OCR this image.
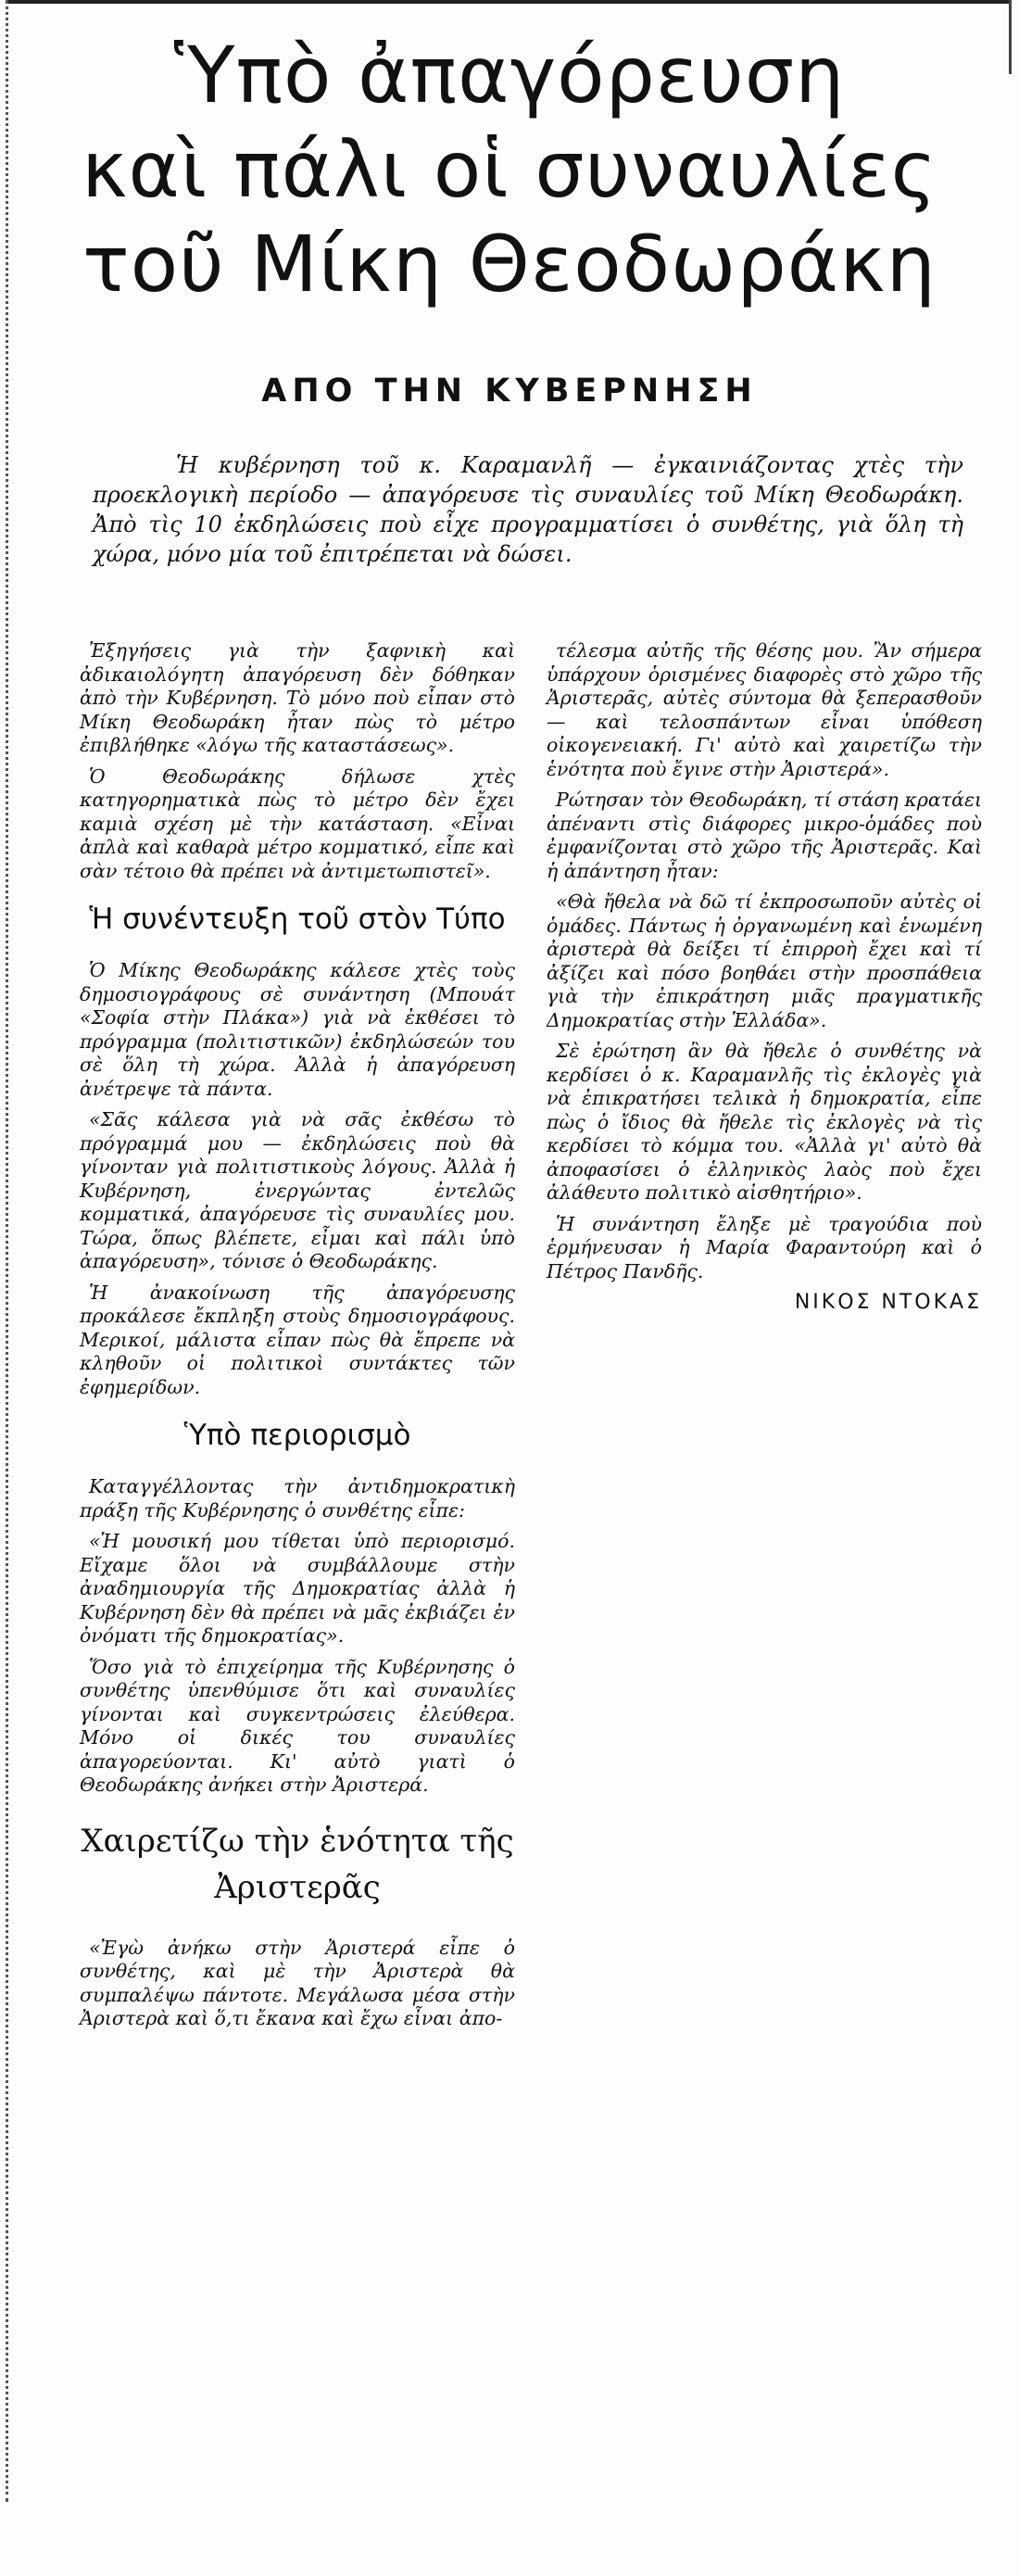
Ὑπὸ ἀπαγόρευση
καὶ πάλι οἱ συναυλίες
τοῦ Μίκη Θεοδωράκη
ΑΠΟ ΤΗΝ ΚΥΒΕΡΝΗΣΗ

Ἡ κυβέρνηση τοῦ κ. Καραμανλῆ — ἐγκαινιάζοντας χτὲς τὴν προεκλογικὴ περίοδο — ἀπαγόρευσε τὶς συναυλίες τοῦ Μίκη Θεοδωράκη. Ἀπὸ τὶς 10 ἐκδηλώσεις ποὺ εἶχε προγραμματίσει ὁ συνθέτης, γιὰ ὅλη τὴ χώρα, μόνο μία τοῦ ἐπιτρέπεται νὰ δώσει.

Ἐξηγήσεις γιὰ τὴν ξαφνικὴ καὶ ἀδικαιολόγητη ἀπαγόρευση δὲν δόθηκαν ἀπὸ τὴν Κυβέρνηση. Τὸ μόνο ποὺ εἶπαν στὸ Μίκη Θεοδωράκη ἦταν πὼς τὸ μέτρο ἐπιβλήθηκε «λόγω τῆς καταστάσεως».

Ὁ Θεοδωράκης δήλωσε χτὲς κατηγορηματικὰ πὼς τὸ μέτρο δὲν ἔχει καμιὰ σχέση μὲ τὴν κατάσταση. «Εἶναι ἁπλὰ καὶ καθαρὰ μέτρο κομματικό, εἶπε καὶ σὰν τέτοιο θὰ πρέπει νὰ ἀντιμετωπιστεῖ».

Ἡ συνέντευξη τοῦ στὸν Τύπο

Ὁ Μίκης Θεοδωράκης κάλεσε χτὲς τοὺς δημοσιογράφους σὲ συνάντηση (Μπουάτ «Σοφία στὴν Πλάκα») γιὰ νὰ ἐκθέσει τὸ πρόγραμμα (πολιτιστικῶν) ἐκδηλώσεών του σὲ ὅλη τὴ χώρα. Ἀλλὰ ἡ ἀπαγόρευση ἀνέτρεψε τὰ πάντα.

«Σᾶς κάλεσα γιὰ νὰ σᾶς ἐκθέσω τὸ πρόγραμμά μου — ἐκδηλώσεις ποὺ θὰ γίνονταν γιὰ πολιτιστικοὺς λόγους. Ἀλλὰ ἡ Κυβέρνηση, ἐνεργώντας ἐντελῶς κομματικά, ἀπαγόρευσε τὶς συναυλίες μου. Τώρα, ὅπως βλέπετε, εἶμαι καὶ πάλι ὑπὸ ἀπαγόρευση», τόνισε ὁ Θεοδωράκης.

Ἡ ἀνακοίνωση τῆς ἀπαγόρευσης προκάλεσε ἔκπληξη στοὺς δημοσιογράφους. Μερικοί, μάλιστα εἶπαν πὼς θὰ ἔπρεπε νὰ κληθοῦν οἱ πολιτικοὶ συντάκτες τῶν ἐφημερίδων.

Ὑπὸ περιορισμὸ

Καταγγέλλοντας τὴν ἀντιδημοκρατικὴ πράξη τῆς Κυβέρνησης ὁ συνθέτης εἶπε:

«Ἡ μουσική μου τίθεται ὑπὸ περιορισμό. Εἴχαμε ὅλοι νὰ συμβάλλουμε στὴν ἀναδημιουργία τῆς Δημοκρατίας ἀλλὰ ἡ Κυβέρνηση δὲν θὰ πρέπει νὰ μᾶς ἐκβιάζει ἐν ὀνόματι τῆς δημοκρατίας».

Ὅσο γιὰ τὸ ἐπιχείρημα τῆς Κυβέρνησης ὁ συνθέτης ὑπενθύμισε ὅτι καὶ συναυλίες γίνονται καὶ συγκεντρώσεις ἐλεύθερα. Μόνο οἱ δικές του συναυλίες ἀπαγορεύονται. Κι' αὐτὸ γιατὶ ὁ Θεοδωράκης ἀνήκει στὴν Ἀριστερά.

Χαιρετίζω τὴν ἑνότητα τῆς Ἀριστερᾶς

«Ἐγὼ ἀνήκω στὴν Ἀριστερά εἶπε ὁ συνθέτης, καὶ μὲ τὴν Ἀριστερὰ θὰ συμπαλέψω πάντοτε. Μεγάλωσα μέσα στὴν Ἀριστερὰ καὶ ὅ,τι ἔκανα καὶ ἔχω εἶναι ἀπο-

τέλεσμα αὐτῆς τῆς θέσης μου. Ἂν σήμερα ὑπάρχουν ὁρισμένες διαφορὲς στὸ χῶρο τῆς Ἀριστερᾶς, αὐτὲς σύντομα θὰ ξεπερασθοῦν — καὶ τελοσπάντων εἶναι ὑπόθεση οἰκογενειακή. Γι' αὐτὸ καὶ χαιρετίζω τὴν ἑνότητα ποὺ ἔγινε στὴν Ἀριστερά».

Ρώτησαν τὸν Θεοδωράκη, τί στάση κρατάει ἀπέναντι στὶς διάφορες μικρο-ὁμάδες ποὺ ἐμφανίζονται στὸ χῶρο τῆς Ἀριστερᾶς. Καὶ ἡ ἀπάντηση ἦταν:

«Θὰ ἤθελα νὰ δῶ τί ἐκπροσωποῦν αὐτὲς οἱ ὁμάδες. Πάντως ἡ ὀργανωμένη καὶ ἑνωμένη ἀριστερὰ θὰ δείξει τί ἐπιρροὴ ἔχει καὶ τί ἀξίζει καὶ πόσο βοηθάει στὴν προσπάθεια γιὰ τὴν ἐπικράτηση μιᾶς πραγματικῆς Δημοκρατίας στὴν Ἑλλάδα».

Σὲ ἐρώτηση ἂν θὰ ἤθελε ὁ συνθέτης νὰ κερδίσει ὁ κ. Καραμανλῆς τὶς ἐκλογὲς γιὰ νὰ ἐπικρατήσει τελικὰ ἡ δημοκρατία, εἶπε πὼς ὁ ἴδιος θὰ ἤθελε τὶς ἐκλογὲς νὰ τὶς κερδίσει τὸ κόμμα του. «Ἀλλὰ γι' αὐτὸ θὰ ἀποφασίσει ὁ ἑλληνικὸς λαὸς ποὺ ἔχει ἀλάθευτο πολιτικὸ αἰσθητήριο».

Ἡ συνάντηση ἔληξε μὲ τραγούδια ποὺ ἑρμήνευσαν ἡ Μαρία Φαραντούρη καὶ ὁ Πέτρος Πανδῆς.

ΝΙΚΟΣ ΝΤΟΚΑΣ
